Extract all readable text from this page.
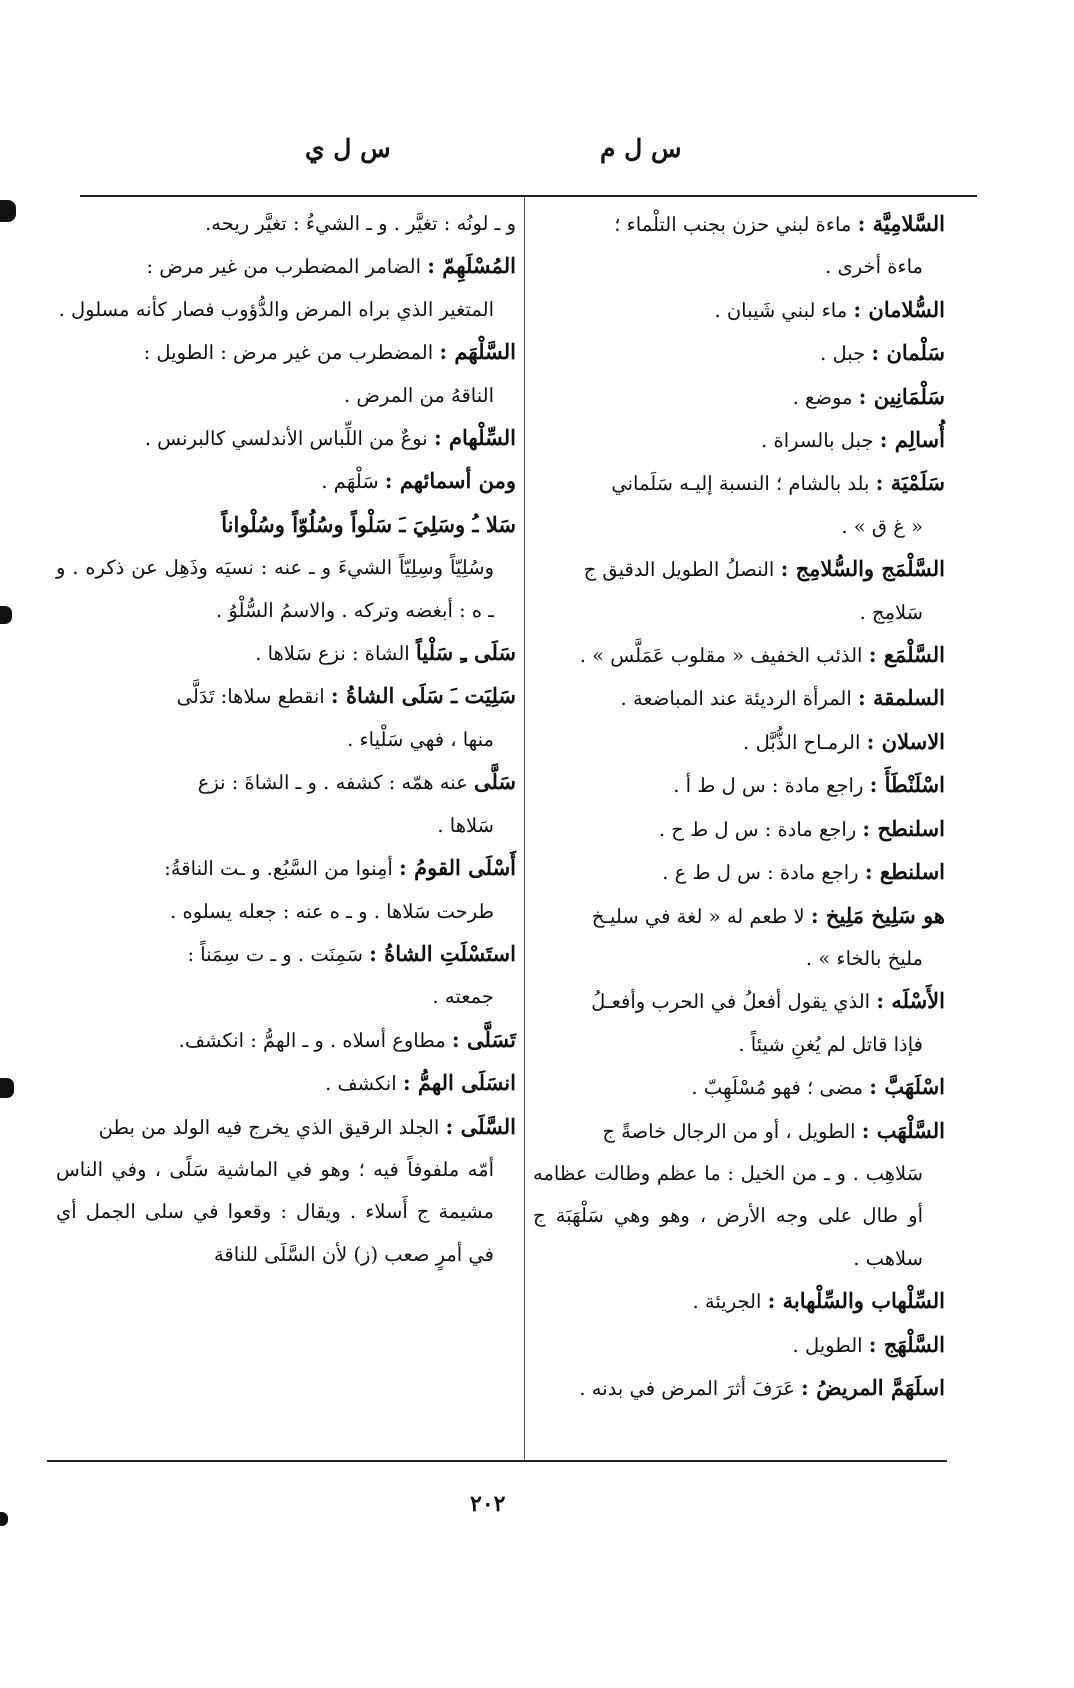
س ل م
س ل ي
السَّلامِيَّة : ماءة لبني حزن بجنب التلْماء ؛
ماءة أخرى .
السُّلامان : ماء لبني شَيبان .
سَلْمان : جبل .
سَلْمَانِين : موضع .
أُسالِم : جبل بالسراة .
سَلَمْيَة : بلد بالشام ؛ النسبة إليـه سَلَماني
« غ ق » .
السَّلْمَج والسُّلامِج : النصلُ الطويل الدقيق ج
سَلامِج .
السَّلْمَع : الذئب الخفيف « مقلوب عَمَلَّس » .
السلمقة : المرأة الرديئة عند المباضعة .
الاسلان : الرمـاح الذُّبَّل .
اسْلَنْطَأَ : راجع مادة : س ل ط أ .
اسلنطح : راجع مادة : س ل ط ح .
اسلنطع : راجع مادة : س ل ط ع .
هو سَلِيخ مَلِيخ : لا طعم له « لغة في سليـخ
مليخ بالخاء » .
الأَسْلَه : الذي يقول أفعلُ في الحرب وأفعـلُ
فإذا قاتل لم يُغنِ شيئاً .
اسْلَهَبَّ : مضى ؛ فهو مُسْلَهِبّ .
السَّلْهَب : الطويل ، أو من الرجال خاصةً ج
سَلاهِب . و ـ من الخيل : ما عظم وطالت عظامه أو طال على وجه الأرض ، وهو وهي سَلْهَبَة ج سلاهب .
السِّلْهاب والسِّلْهابة : الجريئة .
السَّلْهَج : الطويل .
اسلَهَمَّ المريضُ : عَرَفَ أثرَ المرض في بدنه .
و ـ لونُه : تغيَّر . و ـ الشيءُ : تغيَّر ريحه.
المُسْلَهِمّ : الضامر المضطرب من غير مرض :
المتغير الذي براه المرض والدُّؤوب فصار كأنه مسلول .
السَّلْهَم : المضطرب من غير مرض : الطويل :
الناقهُ من المرض .
السِّلْهام : نوعٌ من اللِّباس الأندلسي كالبرنس .
ومن أسمائهم : سَلْهَم .
سَلا ـُ وسَلِيَ ـَ سَلْواً وسُلُوّاً وسُلْواناً
وسُلِيّاً وسِلِيّاً الشيءَ و ـ عنه : نسيَه وذَهِل عن ذكره . و ـ ه : أبغضه وتركه . والاسمُ السُّلْوُ .
سَلَى ـِ سَلْياً الشاة : نزع سَلاها .
سَلِيَت ـَ سَلَى الشاةُ : انقطع سلاها: تَدَلَّى
منها ، فهي سَلْياء .
سَلَّى عنه همّه : كشفه . و ـ الشاةَ : نزع
سَلاها .
أَسْلَى القومُ : أمِنوا من السَّبُع. و ـت الناقةُ:
طرحت سَلاها . و ـ ه عنه : جعله يسلوه .
استَسْلَتِ الشاةُ : سَمِنَت . و ـ ت سِمَناً :
جمعته .
تَسَلَّى : مطاوع أسلاه . و ـ الهمُّ : انكشف.
انسَلَى الهمُّ : انكشف .
السَّلَى : الجلد الرقيق الذي يخرج فيه الولد من بطن
أمّه ملفوفاً فيه ؛ وهو في الماشية سَلًى ، وفي الناس مشيمة ج أَسلاء . ويقال : وقعوا في سلى الجمل أي في أمرٍ صعب (ز) لأن السَّلَى للناقة
٢٠٢
